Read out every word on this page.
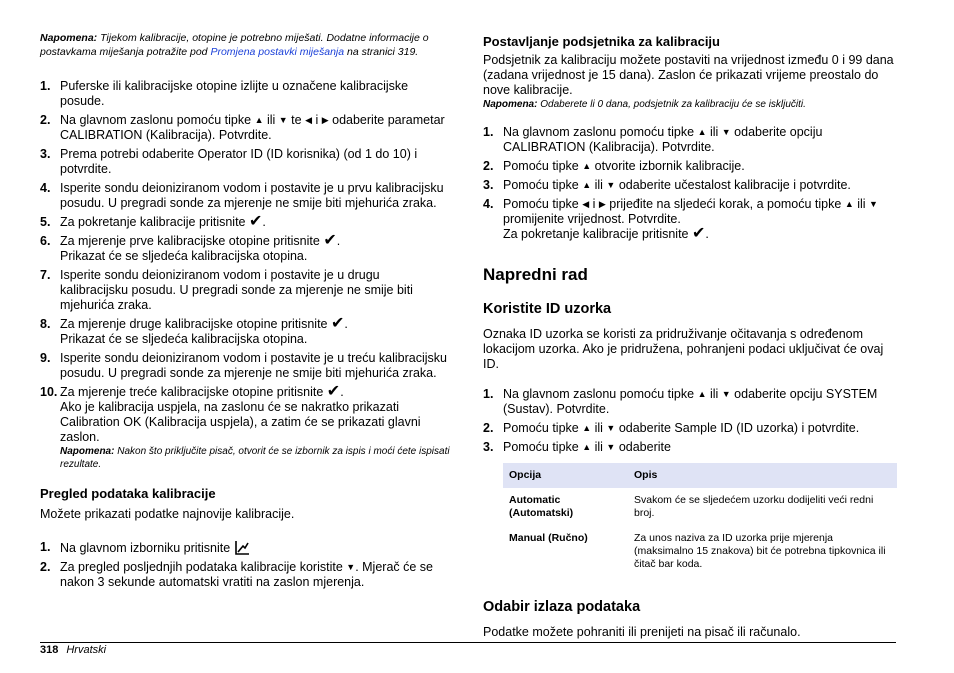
Napomena: Tijekom kalibracije, otopine je potrebno miješati. Dodatne informacije o postavkama miješanja potražite pod Promjena postavki miješanja na stranici 319.

1. Puferske ili kalibracijske otopine izlijte u označene kalibracijske posude.
2. Na glavnom zaslonu pomoću tipke ▲ ili ▼ te ◀ i ▶ odaberite parametar CALIBRATION (Kalibracija). Potvrdite.
3. Prema potrebi odaberite Operator ID (ID korisnika) (od 1 do 10) i potvrdite.
4. Isperite sondu deioniziranom vodom i postavite je u prvu kalibracijsku posudu. U pregradi sonde za mjerenje ne smije biti mjehurića zraka.
5. Za pokretanje kalibracije pritisnite ✔.
6. Za mjerenje prve kalibracijske otopine pritisnite ✔.
Prikazat će se sljedeća kalibracijska otopina.
7. Isperite sondu deioniziranom vodom i postavite je u drugu kalibracijsku posudu. U pregradi sonde za mjerenje ne smije biti mjehurića zraka.
8. Za mjerenje druge kalibracijske otopine pritisnite ✔.
Prikazat će se sljedeća kalibracijska otopina.
9. Isperite sondu deioniziranom vodom i postavite je u treću kalibracijsku posudu. U pregradi sonde za mjerenje ne smije biti mjehurića zraka.
10. Za mjerenje treće kalibracijske otopine pritisnite ✔.
Ako je kalibracija uspjela, na zaslonu će se nakratko prikazati Calibration OK (Kalibracija uspjela), a zatim će se prikazati glavni zaslon.

Napomena: Nakon što priključite pisač, otvorit će se izbornik za ispis i moći ćete ispisati rezultate.

Pregled podataka kalibracije

Možete prikazati podatke najnovije kalibracije.

1. Na glavnom izborniku pritisnite
2. Za pregled posljednjih podataka kalibracije koristite ▼. Mjerač će se nakon 3 sekunde automatski vratiti na zaslon mjerenja.
Postavljanje podsjetnika za kalibraciju

Podsjetnik za kalibraciju možete postaviti na vrijednost između 0 i 99 dana (zadana vrijednost je 15 dana). Zaslon će prikazati vrijeme preostalo do nove kalibracije.

Napomena: Odaberete li 0 dana, podsjetnik za kalibraciju će se isključiti.

1. Na glavnom zaslonu pomoću tipke ▲ ili ▼ odaberite opciju CALIBRATION (Kalibracija). Potvrdite.
2. Pomoću tipke ▲ otvorite izbornik kalibracije.
3. Pomoću tipke ▲ ili ▼ odaberite učestalost kalibracije i potvrdite.
4. Pomoću tipke ◀ i ▶ prijeđite na sljedeći korak, a pomoću tipke ▲ ili ▼ promijenite vrijednost. Potvrdite.
Za pokretanje kalibracije pritisnite ✔.
Napredni rad
Koristite ID uzorka

Oznaka ID uzorka se koristi za pridruživanje očitavanja s određenom lokacijom uzorka. Ako je pridružena, pohranjeni podaci uključivat će ovaj ID.

1. Na glavnom zaslonu pomoću tipke ▲ ili ▼ odaberite opciju SYSTEM (Sustav). Potvrdite.
2. Pomoću tipke ▲ ili ▼ odaberite Sample ID (ID uzorka) i potvrdite.
3. Pomoću tipke ▲ ili ▼ odaberite
Opcija	Opis
Automatic (Automatski)	Svakom će se sljedećem uzorku dodijeliti veći redni broj.
Manual (Ručno)	Za unos naziva za ID uzorka prije mjerenja (maksimalno 15 znakova) bit će potrebna tipkovnica ili čitač bar koda.
Odabir izlaza podataka

Podatke možete pohraniti ili prenijeti na pisač ili računalo.

318 Hrvatski
